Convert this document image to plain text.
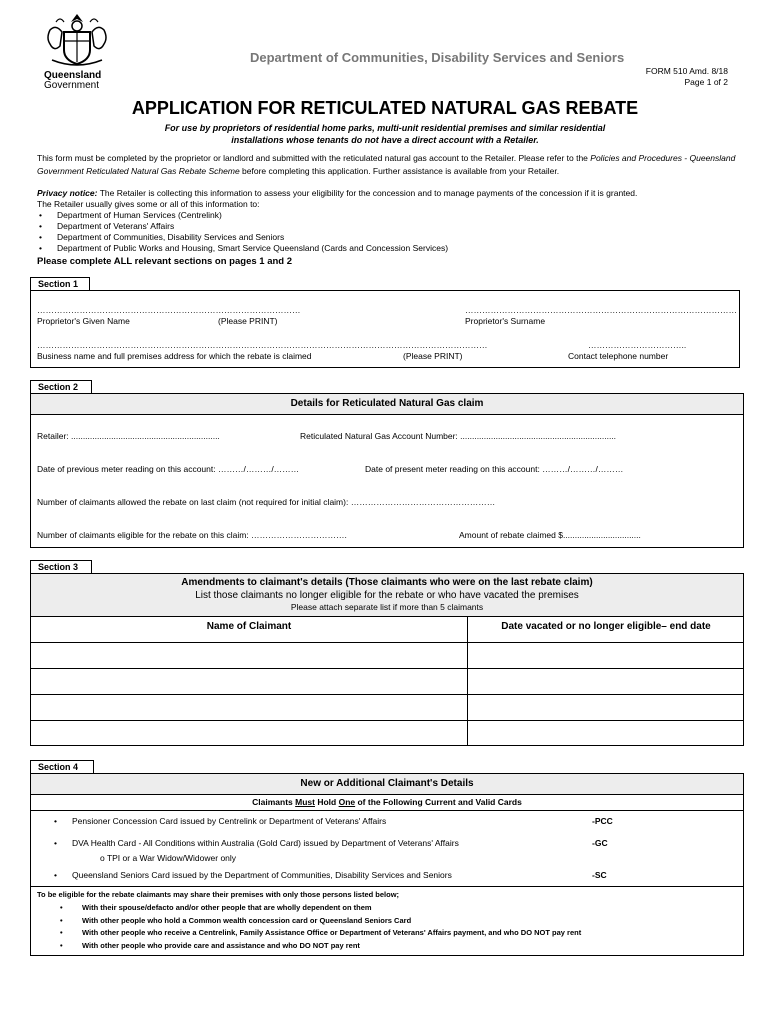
Queensland
Government
Department of Communities, Disability Services and Seniors
FORM 510 Amd. 8/18
Page 1 of 2
APPLICATION FOR RETICULATED NATURAL GAS REBATE
For use by proprietors of residential home parks, multi-unit residential premises and similar residential
installations whose tenants do not have a direct account with a Retailer.
This form must be completed by the proprietor or landlord and submitted with the reticulated natural gas account to the Retailer. Please refer to the Policies and Procedures - Queensland Government Reticulated Natural Gas Rebate Scheme before completing this application. Further assistance is available from your Retailer.
Privacy notice: The Retailer is collecting this information to assess your eligibility for the concession and to manage payments of the concession if it is granted.
The Retailer usually gives some or all of this information to:
• Department of Human Services (Centrelink)
• Department of Veterans' Affairs
• Department of Communities, Disability Services and Seniors
• Department of Public Works and Housing, Smart Service Queensland (Cards and Concession Services)
Please complete ALL relevant sections on pages 1 and 2
Section 1
…………………………………………………………………………………	……………………………………………………………………………………
Proprietor's Given Name	(Please PRINT)	Proprietor's Surname
……………………………………………………………………………………………………………………………………………	……………………………..
Business name and full premises address for which the rebate is claimed	(Please PRINT)	Contact telephone number
Section 2
Details for Reticulated Natural Gas claim
Retailer: ...............................................................	Reticulated Natural Gas Account Number: ..................................................................
Date of previous meter reading on this account: ………/………/………	Date of present meter reading on this account: ………/………/………
Number of claimants allowed the rebate on last claim (not required for initial claim): ……………………………………………
Number of claimants eligible for the rebate on this claim: …………………………….	Amount of rebate claimed $.................................
Section 3
Amendments to claimant's details (Those claimants who were on the last rebate claim)
List those claimants no longer eligible for the rebate or who have vacated the premises
Please attach separate list if more than 5 claimants
Name of Claimant	Date vacated or no longer eligible– end date
Section 4
New or Additional Claimant's Details
Claimants Must Hold One of the Following Current and Valid Cards
• Pensioner Concession Card issued by Centrelink or Department of Veterans' Affairs	-PCC
• DVA Health Card - All Conditions within Australia (Gold Card) issued by Department of Veterans' Affairs	-GC
o TPI or a War Widow/Widower only
• Queensland Seniors Card issued by the Department of Communities, Disability Services and Seniors	-SC
To be eligible for the rebate claimants may share their premises with only those persons listed below;
• With their spouse/defacto and/or other people that are wholly dependent on them
• With other people who hold a Common wealth concession card or Queensland Seniors Card
• With other people who receive a Centrelink, Family Assistance Office or Department of Veterans' Affairs payment, and who DO NOT pay rent
• With other people who provide care and assistance and who DO NOT pay rent
